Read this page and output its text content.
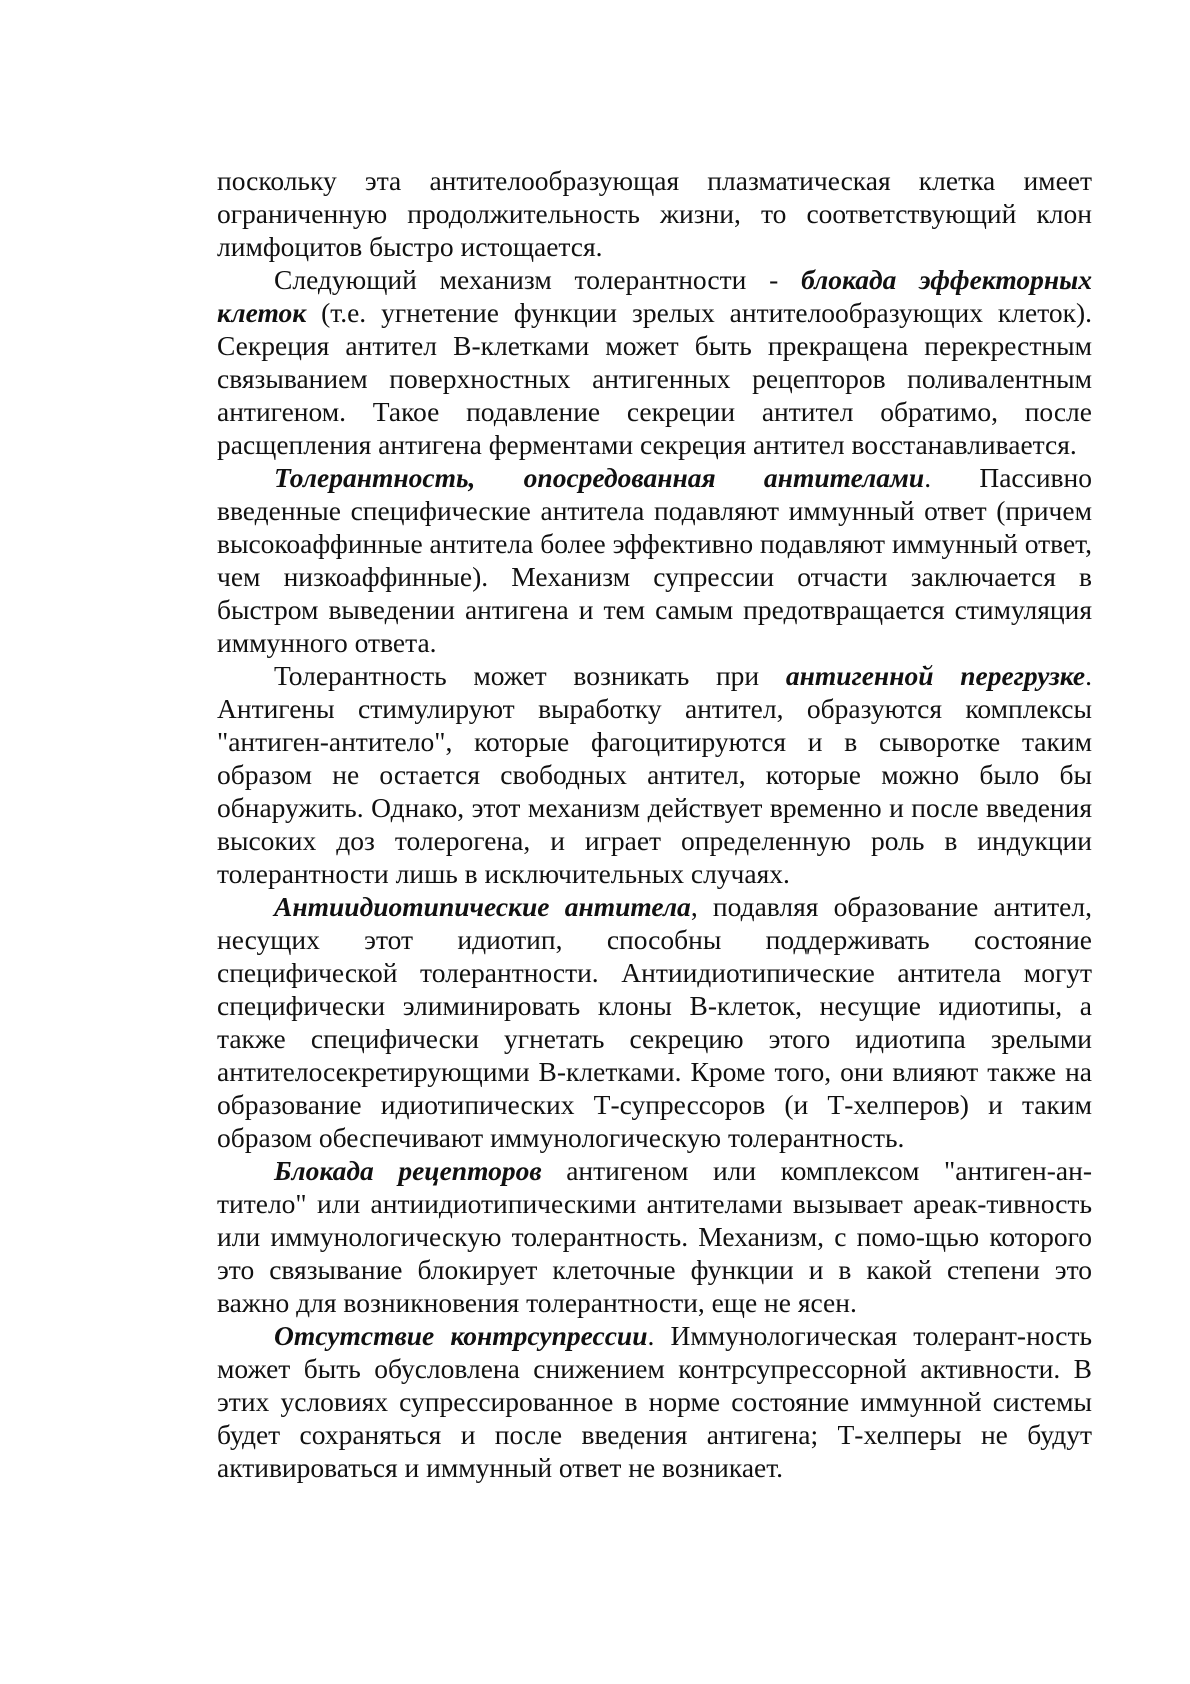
поскольку эта антителообразующая плазматическая клетка имеет ограниченную продолжительность жизни, то соответствующий клон лимфоцитов быстро истощается.

Следующий механизм толерантности - блокада эффекторных клеток (т.е. угнетение функции зрелых антителообразующих клеток). Секреция антител В-клетками может быть прекращена перекрестным связыванием поверхностных антигенных рецепторов поливалентным антигеном. Такое подавление секреции антител обратимо, после расщепления антигена ферментами секреция антител восстанавливается.

Толерантность, опосредованная антителами. Пассивно введенные специфические антитела подавляют иммунный ответ (причем высокоаффинные антитела более эффективно подавляют иммунный ответ, чем низкоаффинные). Механизм супрессии отчасти заключается в быстром выведении антигена и тем самым предотвращается стимуляция иммунного ответа.

Толерантность может возникать при антигенной перегрузке. Антигены стимулируют выработку антител, образуются комплексы "антиген-антитело", которые фагоцитируются и в сыворотке таким образом не остается свободных антител, которые можно было бы обнаружить. Однако, этот механизм действует временно и после введения высоких доз толерогена, и играет определенную роль в индукции толерантности лишь в исключительных случаях.

Антиидиотипические антитела, подавляя образование антител, несущих этот идиотип, способны поддерживать состояние специфической толерантности. Антиидиотипические антитела могут специфически элиминировать клоны В-клеток, несущие идиотипы, а также специфически угнетать секрецию этого идиотипа зрелыми антителосекретирующими В-клетками. Кроме того, они влияют также на образование идиотипических Т-супрессоров (и Т-хелперов) и таким образом обеспечивают иммунологическую толерантность.

Блокада рецепторов антигеном или комплексом "антиген-ан-титело" или антиидиотипическими антителами вызывает ареак-тивность или иммунологическую толерантность. Механизм, с помо-щью которого это связывание блокирует клеточные функции и в какой степени это важно для возникновения толерантности, еще не ясен.

Отсутствие контрсупрессии. Иммунологическая толерант-ность может быть обусловлена снижением контрсупрессорной активности. В этих условиях супрессированное в норме состояние иммунной системы будет сохраняться и после введения антигена; Т-хелперы не будут активироваться и иммунный ответ не возникает.
